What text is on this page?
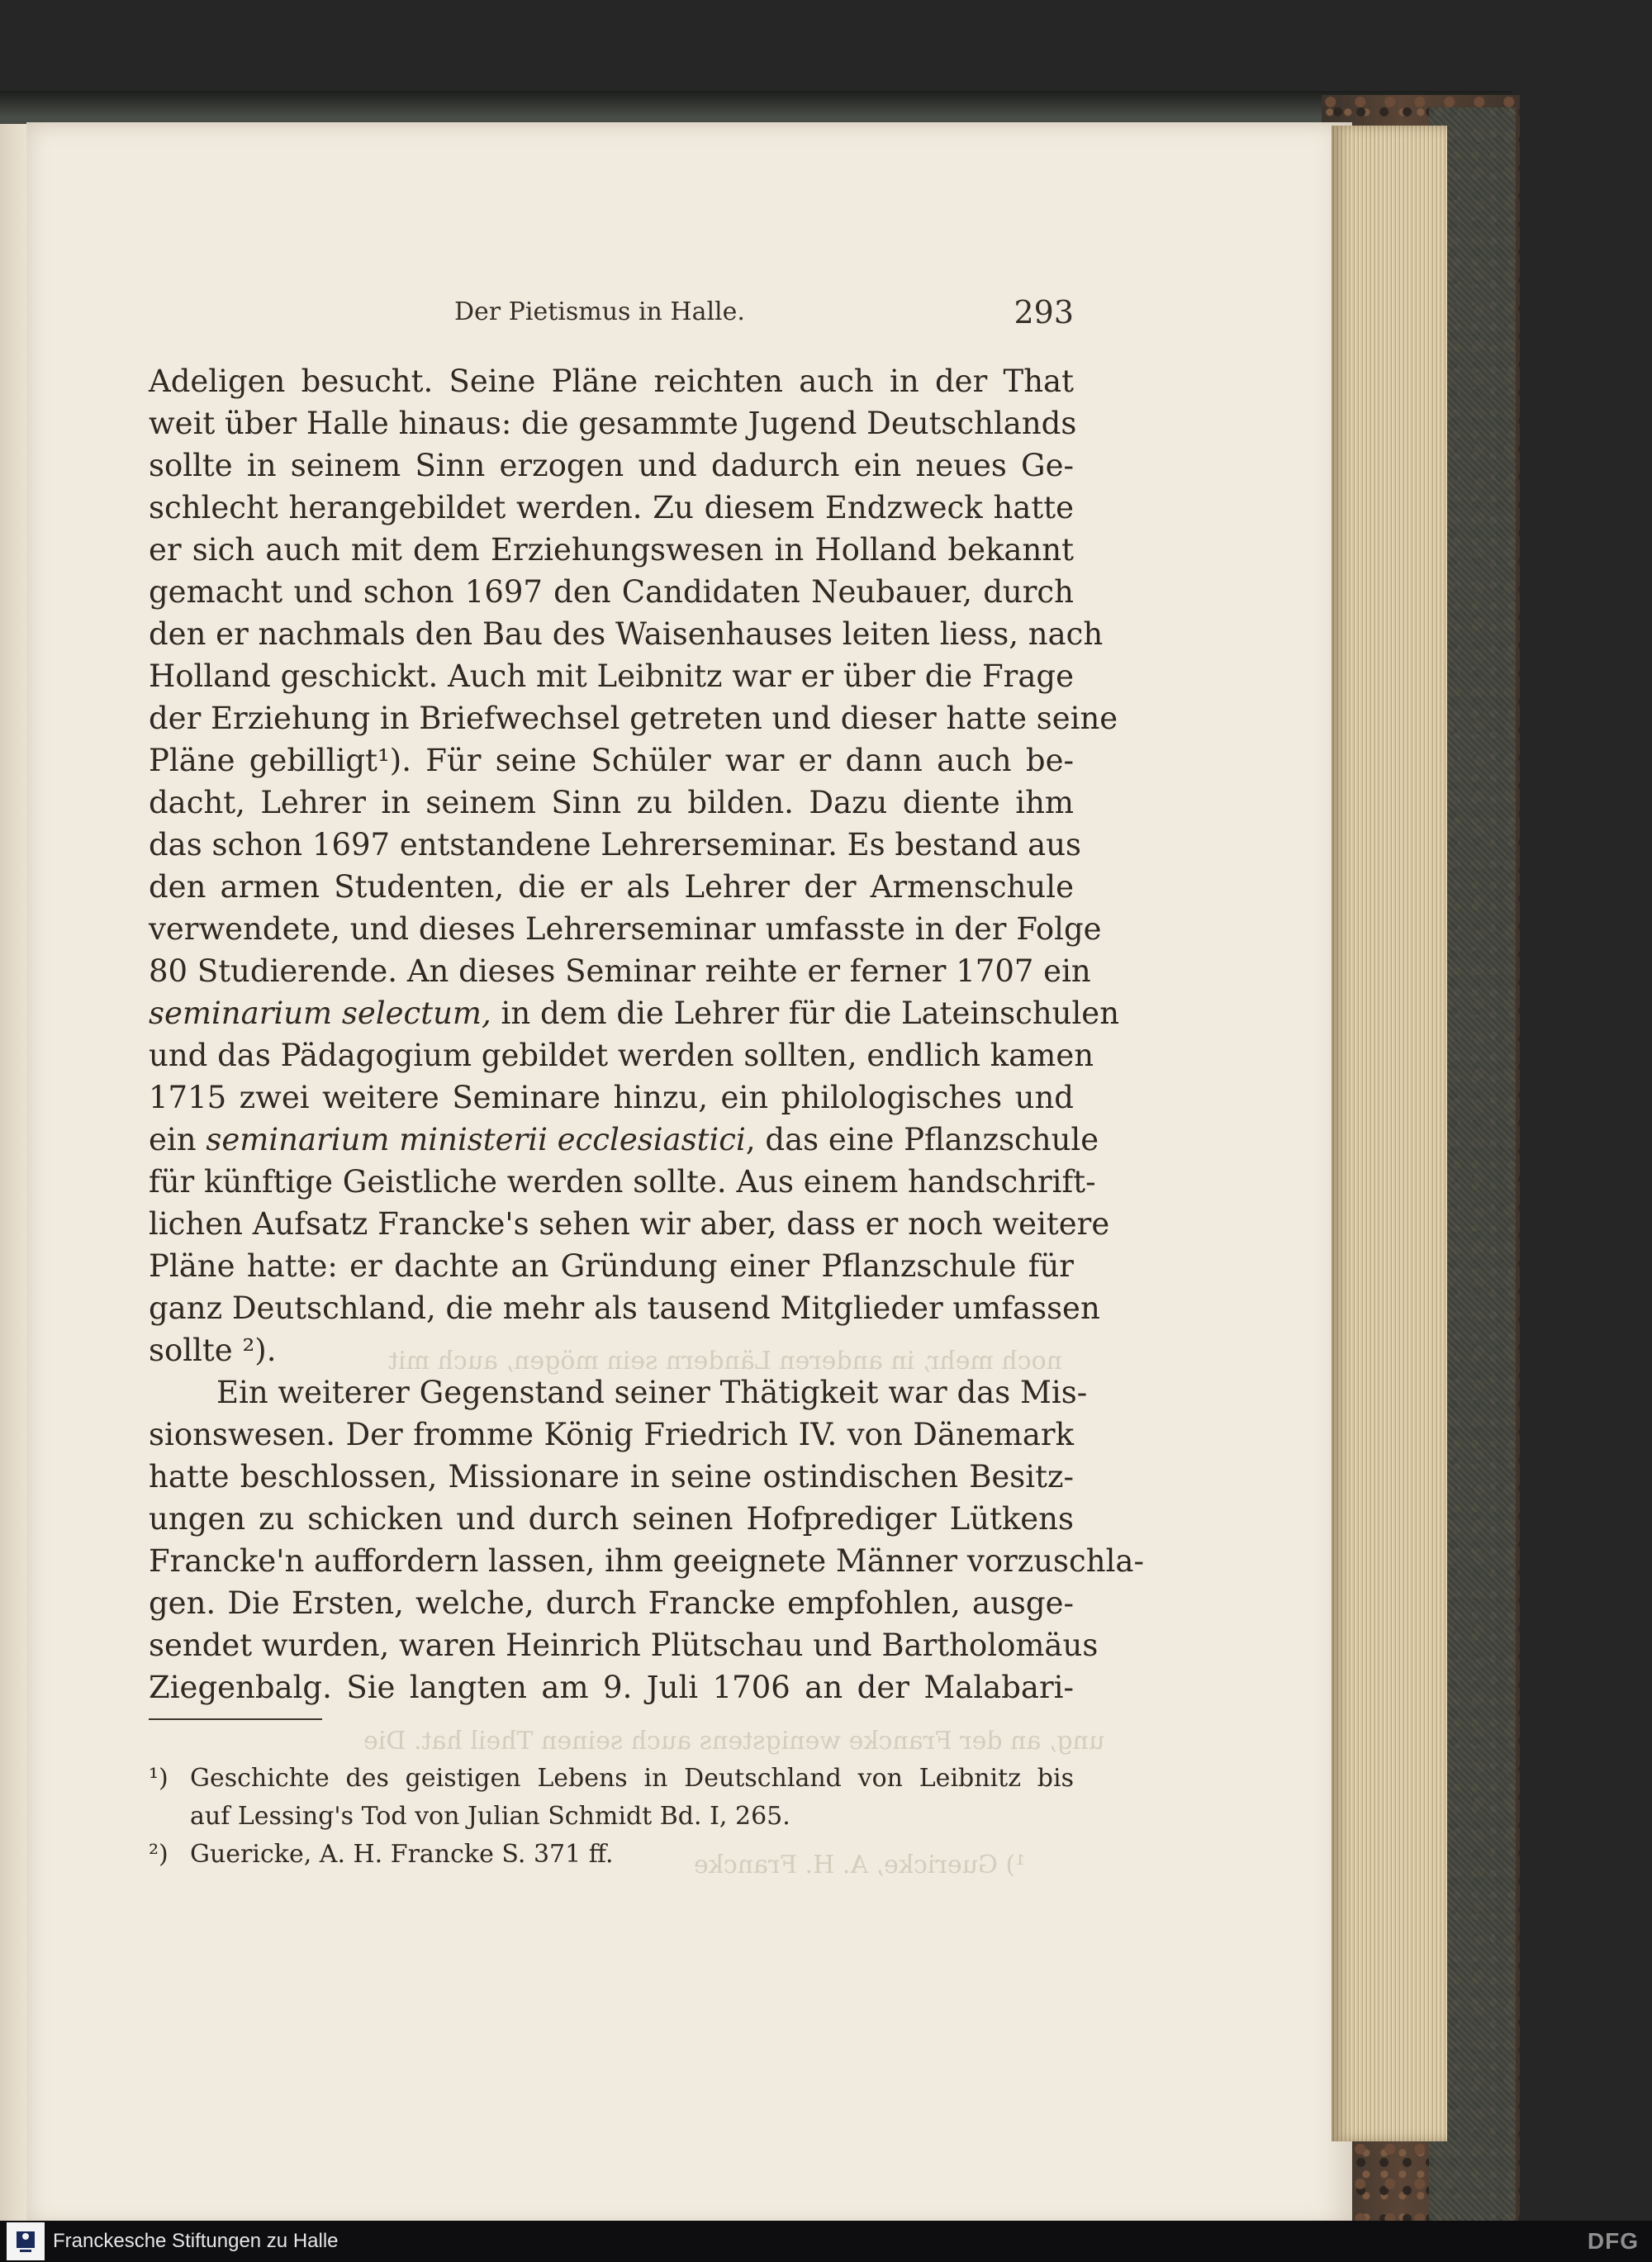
noch mehr, in anderen Ländern sein mögen, auch mit
ung, an der Francke wenigstens auch seinen Theil hat. Die
¹) Guericke, A. H. Francke
Der Pietismus in Halle.	293
Adeligen besucht. Seine Pläne reichten auch in der That
weit über Halle hinaus: die gesammte Jugend Deutschlands
sollte in seinem Sinn erzogen und dadurch ein neues Ge-
schlecht herangebildet werden. Zu diesem Endzweck hatte
er sich auch mit dem Erziehungswesen in Holland bekannt
gemacht und schon 1697 den Candidaten Neubauer, durch
den er nachmals den Bau des Waisenhauses leiten liess, nach
Holland geschickt. Auch mit Leibnitz war er über die Frage
der Erziehung in Briefwechsel getreten und dieser hatte seine
Pläne gebilligt¹). Für seine Schüler war er dann auch be-
dacht, Lehrer in seinem Sinn zu bilden. Dazu diente ihm
das schon 1697 entstandene Lehrerseminar. Es bestand aus
den armen Studenten, die er als Lehrer der Armenschule
verwendete, und dieses Lehrerseminar umfasste in der Folge
80 Studierende. An dieses Seminar reihte er ferner 1707 ein
seminarium selectum, in dem die Lehrer für die Lateinschulen
und das Pädagogium gebildet werden sollten, endlich kamen
1715 zwei weitere Seminare hinzu, ein philologisches und
ein seminarium ministerii ecclesiastici, das eine Pflanzschule
für künftige Geistliche werden sollte. Aus einem handschrift-
lichen Aufsatz Francke's sehen wir aber, dass er noch weitere
Pläne hatte: er dachte an Gründung einer Pflanzschule für
ganz Deutschland, die mehr als tausend Mitglieder umfassen
sollte ²).
Ein weiterer Gegenstand seiner Thätigkeit war das Mis-
sionswesen. Der fromme König Friedrich IV. von Dänemark
hatte beschlossen, Missionare in seine ostindischen Besitz-
ungen zu schicken und durch seinen Hofprediger Lütkens
Francke'n auffordern lassen, ihm geeignete Männer vorzuschla-
gen. Die Ersten, welche, durch Francke empfohlen, ausge-
sendet wurden, waren Heinrich Plütschau und Bartholomäus
Ziegenbalg. Sie langten am 9. Juli 1706 an der Malabari-
¹) Geschichte des geistigen Lebens in Deutschland von Leibnitz bis
auf Lessing's Tod von Julian Schmidt Bd. I, 265.
²) Guericke, A. H. Francke S. 371 ff.
Franckesche Stiftungen zu Halle	DFG
